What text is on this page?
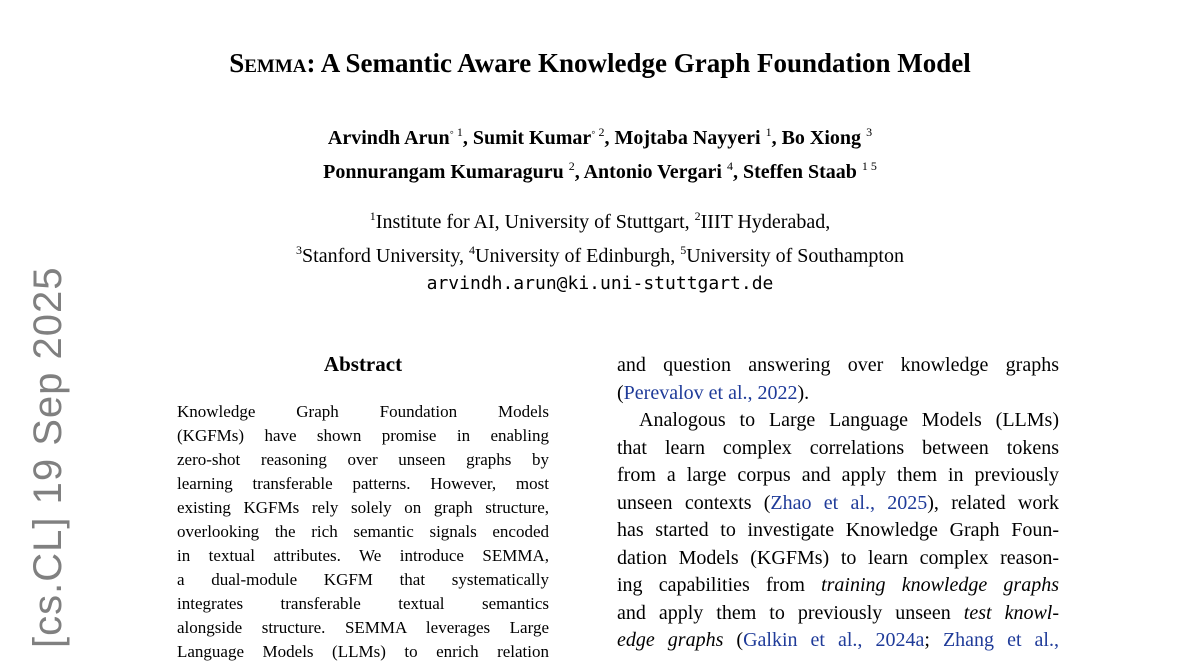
Semma: A Semantic Aware Knowledge Graph Foundation Model
Arvindh Arun$^{◦ 1}$, Sumit Kumar$^{◦ 2}$, Mojtaba Nayyeri $^1$, Bo Xiong $^3$
Ponnurangam Kumaraguru $^2$, Antonio Vergari $^4$, Steffen Staab $^{1 5}$
$^1$Institute for AI, University of Stuttgart, $^2$IIIT Hyderabad,
$^3$Stanford University, $^4$University of Edinburgh, $^5$University of Southampton
arvindh.arun@ki.uni-stuttgart.de
Abstract
Knowledge Graph Foundation Models
(KGFMs) have shown promise in enabling
zero-shot reasoning over unseen graphs by
learning transferable patterns. However, most
existing KGFMs rely solely on graph structure,
overlooking the rich semantic signals encoded
in textual attributes. We introduce SEMMA,
a dual-module KGFM that systematically
integrates transferable textual semantics
alongside structure. SEMMA leverages Large
Language Models (LLMs) to enrich relation
and question answering over knowledge graphs
(Perevalov et al., 2022).
Analogous to Large Language Models (LLMs)
that learn complex correlations between tokens
from a large corpus and apply them in previously
unseen contexts (Zhao et al., 2025), related work
has started to investigate Knowledge Graph Foun-
dation Models (KGFMs) to learn complex reason-
ing capabilities from training knowledge graphs
and apply them to previously unseen test knowl-
edge graphs (Galkin et al., 2024a; Zhang et al.,
[cs.CL] 19 Sep 2025
